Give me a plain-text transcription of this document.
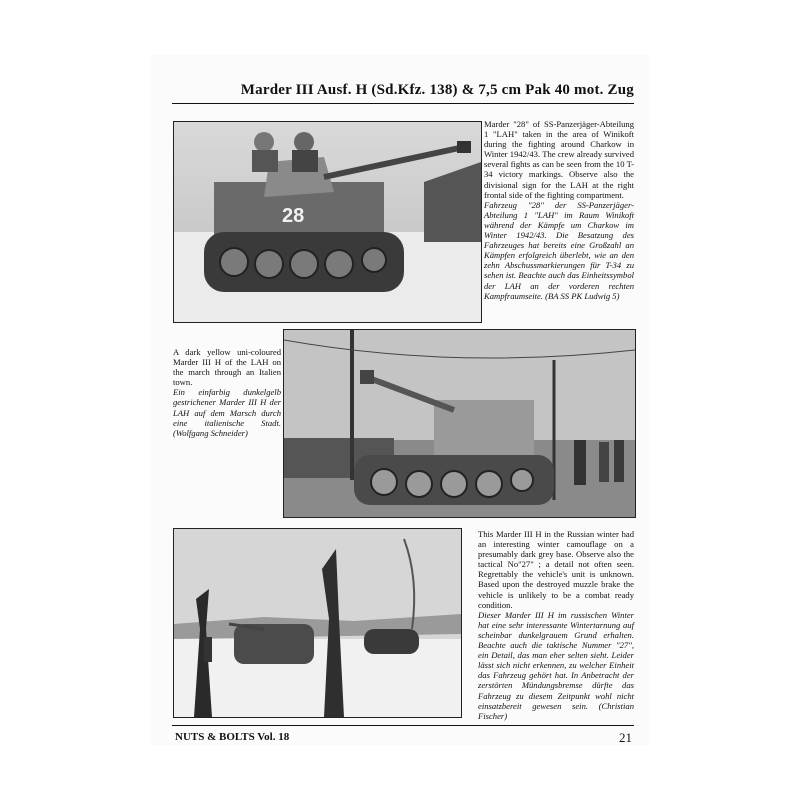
Marder III Ausf. H (Sd.Kfz. 138) & 7,5 cm Pak 40 mot. Zug
28

Marder "28" of SS-Panzerjäger-Abteilung 1 "LAH" taken in the area of Winikoft during the fighting around Charkow in Winter 1942/43. The crew already survived several fights as can be seen from the 10 T-34 victory markings. Observe also the divisional sign for the LAH at the right frontal side of the fighting compartment.

Fahrzeug "28" der SS-Panzerjäger-Abteilung 1 "LAH" im Raum Winikoft während der Kämpfe um Charkow im Winter 1942/43. Die Besatzung des Fahrzeuges hat bereits eine Großzahl an Kämpfen erfolgreich überlebt, wie an den zehn Abschussmarkierungen für T-34 zu sehen ist. Beachte auch das Einheitssymbol der LAH an der vorderen rechten Kampfraumseite. (BA SS PK Ludwig 5)

A dark yellow uni-coloured Marder III H of the LAH on the march through an Italien town.

Ein einfarbig dunkelgelb gestrichener Marder III H der LAH auf dem Marsch durch eine italienische Stadt. (Wolfgang Schneider)

This Marder III H in the Russian winter had an interesting winter camouflage on a presumably dark grey base. Observe also the tactical No"27" ; a detail not often seen. Regrettably the vehicle's unit is unknown. Based upon the destroyed muzzle brake the vehicle is unlikely to be a combat ready condition.

Dieser Marder III H im russischen Winter hat eine sehr interessante Wintertarnung auf scheinbar dunkelgrauem Grund erhalten. Beachte auch die taktische Nummer "27", ein Detail, das man eher selten sieht. Leider lässt sich nicht erkennen, zu welcher Einheit das Fahrzeug gehört hat. In Anbetracht der zerstörten Mündungsbremse dürfte das Fahrzeug zu diesem Zeitpunkt wohl nicht einsatzbereit gewesen sein. (Christian Fischer)

NUTS & BOLTS Vol. 18	21
